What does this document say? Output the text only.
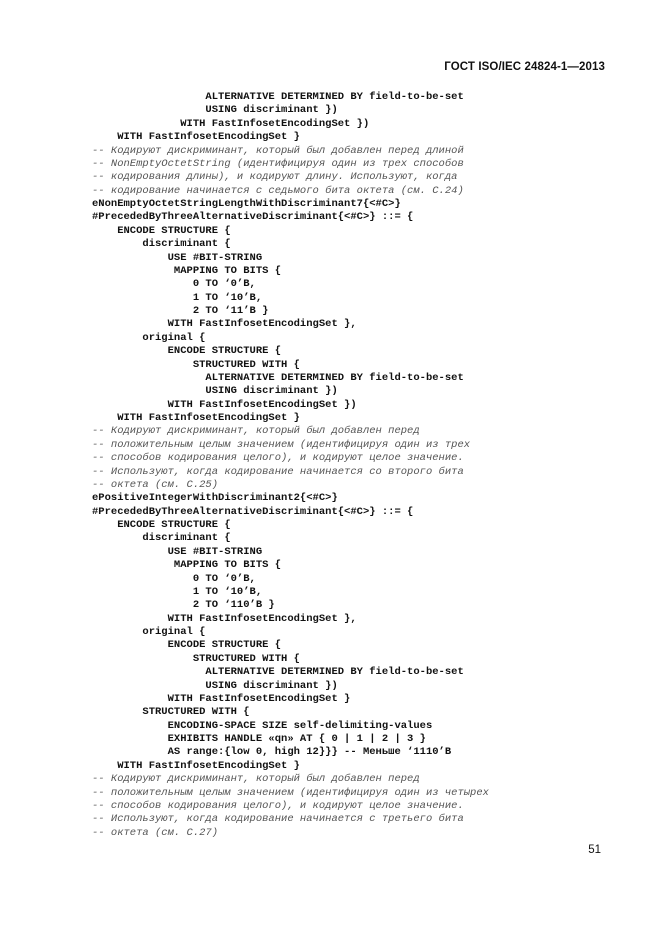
ГОСТ ISO/IEC 24824-1—2013
ALTERNATIVE DETERMINED BY field-to-be-set
USING discriminant })
WITH FastInfosetEncodingSet })
WITH FastInfosetEncodingSet }
-- Кодируют дискриминант, который был добавлен перед длиной
-- NonEmptyOctetString (идентифицируя один из трех способов
-- кодирования длины), и кодируют длину. Используют, когда
-- кодирование начинается с седьмого бита октета (см. С.24)
eNonEmptyOctetStringLengthWithDiscriminant7{<#C>}
#PrecededByThreeAlternativeDiscriminant{<#C>} ::= {
ENCODE STRUCTURE {
discriminant {
USE #BIT-STRING
MAPPING TO BITS {
0 TO ‘0’B,
1 TO ‘10’B,
2 TO ‘11’B }
WITH FastInfosetEncodingSet },
original {
ENCODE STRUCTURE {
STRUCTURED WITH {
ALTERNATIVE DETERMINED BY field-to-be-set
USING discriminant })
WITH FastInfosetEncodingSet })
WITH FastInfosetEncodingSet }
-- Кодируют дискриминант, который был добавлен перед
-- положительным целым значением (идентифицируя один из трех
-- способов кодирования целого), и кодируют целое значение.
-- Используют, когда кодирование начинается со второго бита
-- октета (см. С.25)
ePositiveIntegerWithDiscriminant2{<#C>}
#PrecededByThreeAlternativeDiscriminant{<#C>} ::= {
ENCODE STRUCTURE {
discriminant {
USE #BIT-STRING
MAPPING TO BITS {
0 TO ‘0’B,
1 TO ‘10’B,
2 TO ‘110’B }
WITH FastInfosetEncodingSet },
original {
ENCODE STRUCTURE {
STRUCTURED WITH {
ALTERNATIVE DETERMINED BY field-to-be-set
USING discriminant })
WITH FastInfosetEncodingSet }
STRUCTURED WITH {
ENCODING-SPACE SIZE self-delimiting-values
EXHIBITS HANDLE «qn» AT { 0 | 1 | 2 | 3 }
AS range:{low 0, high 12}}} -- Меньше ‘1110’B
WITH FastInfosetEncodingSet }
-- Кодируют дискриминант, который был добавлен перед
-- положительным целым значением (идентифицируя один из четырех
-- способов кодирования целого), и кодируют целое значение.
-- Используют, когда кодирование начинается с третьего бита
-- октета (см. С.27)
51
